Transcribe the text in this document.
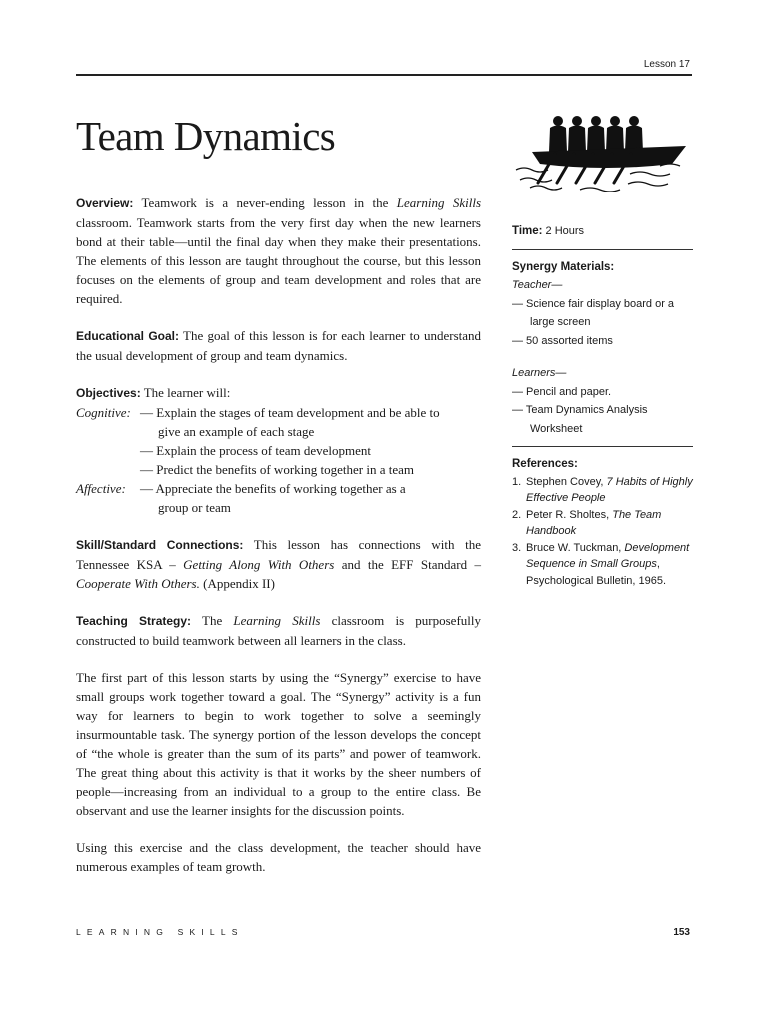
Lesson 17
Team Dynamics

Overview: Teamwork is a never-ending lesson in the Learning Skills classroom. Teamwork starts from the very first day when the new learners bond at their table—until the final day when they make their presentations. The elements of this lesson are taught throughout the course, but this lesson focuses on the elements of group and team development and roles that are required.

Educational Goal: The goal of this lesson is for each learner to understand the usual development of group and team dynamics.

Objectives: The learner will:
Cognitive: — Explain the stages of team development and be able to
give an example of each stage
— Explain the process of team development
— Predict the benefits of working together in a team
Affective:	— Appreciate the benefits of working together as a
group or team

Skill/Standard Connections: This lesson has connections with the Tennessee KSA – Getting Along With Others and the EFF Standard – Cooperate With Others. (Appendix II)

Teaching Strategy: The Learning Skills classroom is purposefully constructed to build teamwork between all learners in the class.

The first part of this lesson starts by using the “Synergy” exercise to have small groups work together toward a goal. The “Synergy” activity is a fun way for learners to begin to work together to solve a seemingly insurmountable task. The synergy portion of the lesson develops the concept of “the whole is greater than the sum of its parts” and power of teamwork. The great thing about this activity is that it works by the sheer numbers of people—increasing from an individual to a group to the entire class. Be observant and use the learner insights for the discussion points.

Using this exercise and the class development, the teacher should have numerous examples of team growth.

Time: 2 Hours
Synergy Materials:
Teacher—
— Science fair display board or a large screen
— 50 assorted items
Learners—
— Pencil and paper.
— Team Dynamics Analysis Worksheet
References:
1. Stephen Covey, 7 Habits of Highly Effective People
2. Peter R. Sholtes, The Team Handbook
3. Bruce W. Tuckman, Development Sequence in Small Groups, Psychological Bulletin, 1965.
LEARNING SKILLS	153
